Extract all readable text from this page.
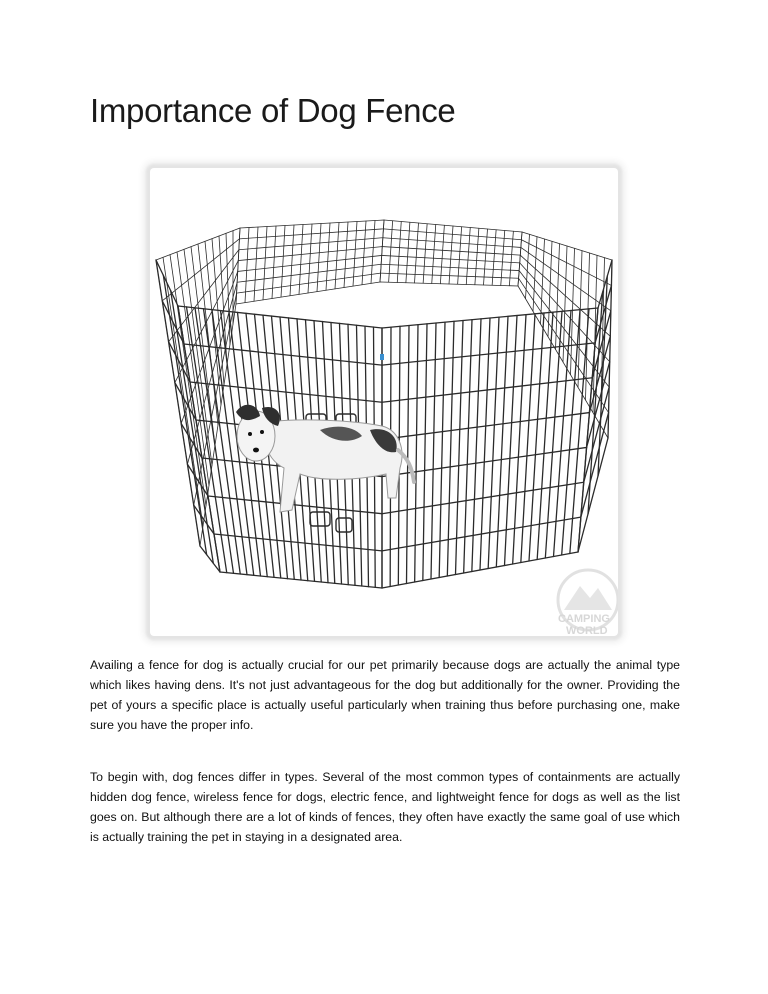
Importance of Dog Fence
CAMPING
WORLD

Availing a fence for dog is actually crucial for our pet primarily because dogs are actually the animal type which likes having dens. It's not just advantageous for the dog but additionally for the owner. Providing the pet of yours a specific place is actually useful particularly when training thus before purchasing one, make sure you have the proper info.

To begin with, dog fences differ in types. Several of the most common types of containments are actually hidden dog fence, wireless fence for dogs, electric fence, and lightweight fence for dogs as well as the list goes on. But although there are a lot of kinds of fences, they often have exactly the same goal of use which is actually training the pet in staying in a designated area.
